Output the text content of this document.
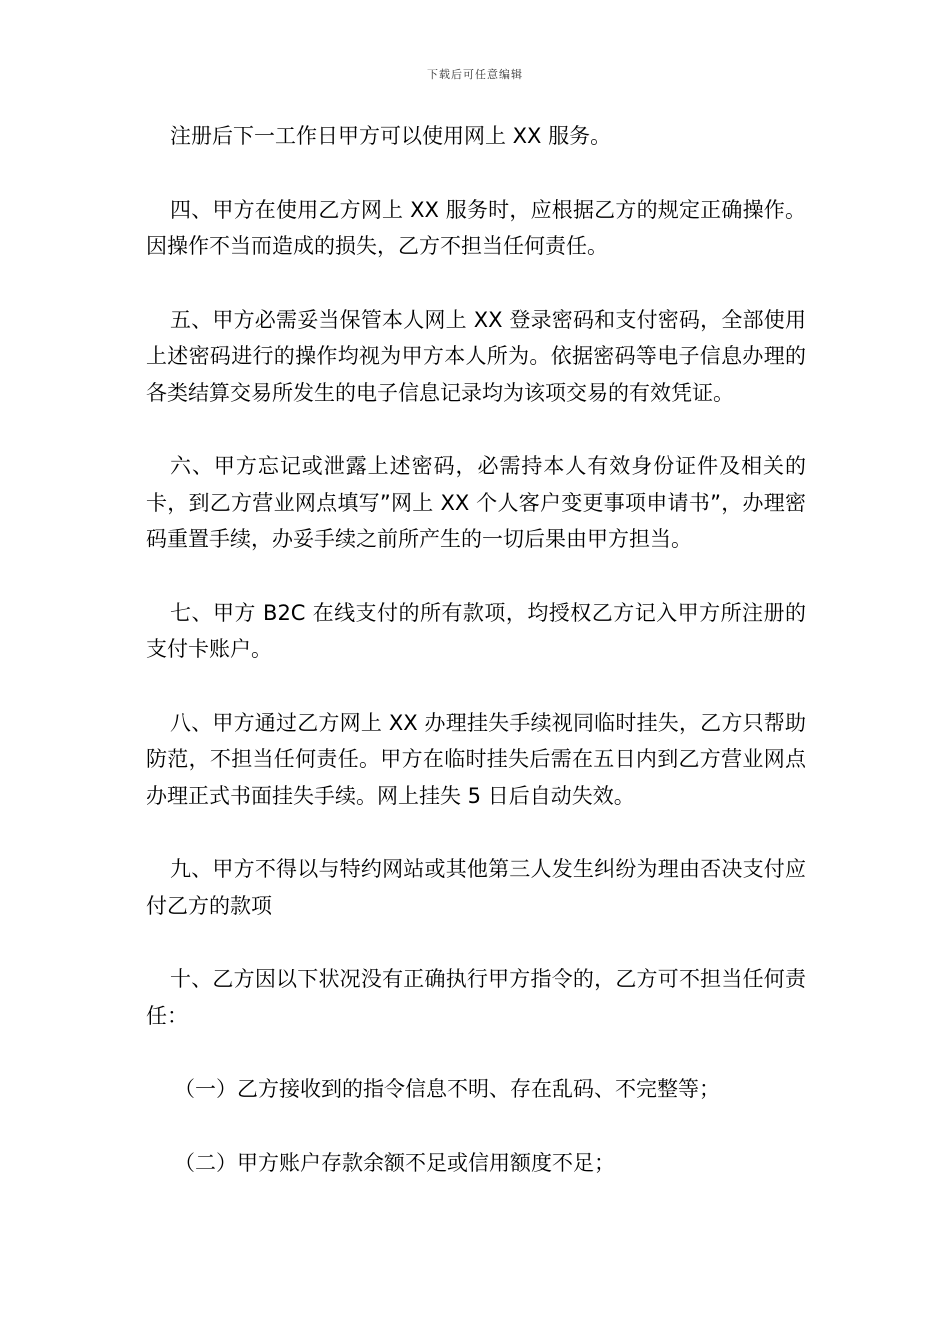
下载后可任意编辑

注册后下一工作日甲方可以使用网上 XX 服务。

四、甲方在使用乙方网上 XX 服务时，应根据乙方的规定正确操作。因操作不当而造成的损失，乙方不担当任何责任。

五、甲方必需妥当保管本人网上 XX 登录密码和支付密码，全部使用上述密码进行的操作均视为甲方本人所为。依据密码等电子信息办理的各类结算交易所发生的电子信息记录均为该项交易的有效凭证。

六、甲方忘记或泄露上述密码，必需持本人有效身份证件及相关的卡，到乙方营业网点填写”网上 XX 个人客户变更事项申请书”，办理密码重置手续，办妥手续之前所产生的一切后果由甲方担当。

七、甲方 B2C 在线支付的所有款项，均授权乙方记入甲方所注册的支付卡账户。

八、甲方通过乙方网上 XX 办理挂失手续视同临时挂失，乙方只帮助防范，不担当任何责任。甲方在临时挂失后需在五日内到乙方营业网点办理正式书面挂失手续。网上挂失 5 日后自动失效。

九、甲方不得以与特约网站或其他第三人发生纠纷为理由否决支付应付乙方的款项

十、乙方因以下状况没有正确执行甲方指令的，乙方可不担当任何责任：

（一）乙方接收到的指令信息不明、存在乱码、不完整等；

（二）甲方账户存款余额不足或信用额度不足；
